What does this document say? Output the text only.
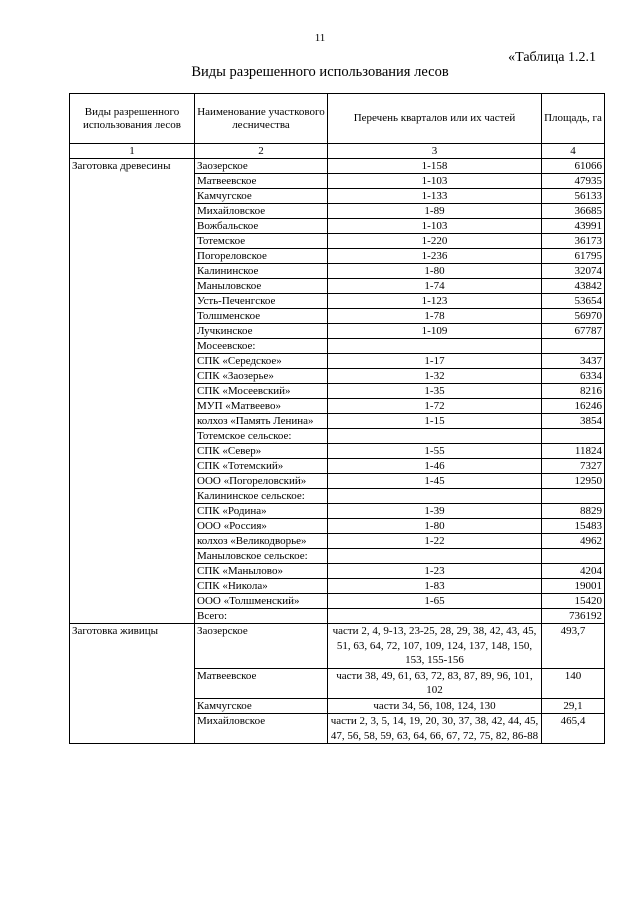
11
«Таблица 1.2.1
Виды разрешенного использования лесов
Виды разрешенного использования лесов	Наименование участкового лесничества	Перечень кварталов или их частей	Площадь, га
1	2	3	4
Заготовка древесины	Заозерское	1-158	61066
	Матвеевское	1-103	47935
	Камчугское	1-133	56133
	Михайловское	1-89	36685
	Вожбальское	1-103	43991
	Тотемское	1-220	36173
	Погореловское	1-236	61795
	Калининское	1-80	32074
	Маныловское	1-74	43842
	Усть-Печенгское	1-123	53654
	Толшменское	1-78	56970
	Лучкинское	1-109	67787
	Мосеевское:		
	СПК «Середское»	1-17	3437
	СПК «Заозерье»	1-32	6334
	СПК «Мосеевский»	1-35	8216
	МУП «Матвеево»	1-72	16246
	колхоз «Память Ленина»	1-15	3854
	Тотемское сельское:		
	СПК «Север»	1-55	11824
	СПК «Тотемский»	1-46	7327
	ООО «Погореловский»	1-45	12950
	Калининское сельское:		
	СПК «Родина»	1-39	8829
	ООО «Россия»	1-80	15483
	колхоз «Великодворье»	1-22	4962
	Маныловское сельское:		
	СПК «Маныловo»	1-23	4204
	СПК «Никола»	1-83	19001
	ООО «Толшменский»	1-65	15420
	Всего:		736192
Заготовка живицы	Заозерское	части 2, 4, 9-13, 23-25, 28, 29, 38, 42, 43, 45, 51, 63, 64, 72, 107, 109, 124, 137, 148, 150, 153, 155-156	493,7
	Матвеевское	части 38, 49, 61, 63, 72, 83, 87, 89, 96, 101, 102	140
	Камчугское	части 34, 56, 108, 124, 130	29,1
	Михайловское	части 2, 3, 5, 14, 19, 20, 30, 37, 38, 42, 44, 45, 47, 56, 58, 59, 63, 64, 66, 67, 72, 75, 82, 86-88	465,4
